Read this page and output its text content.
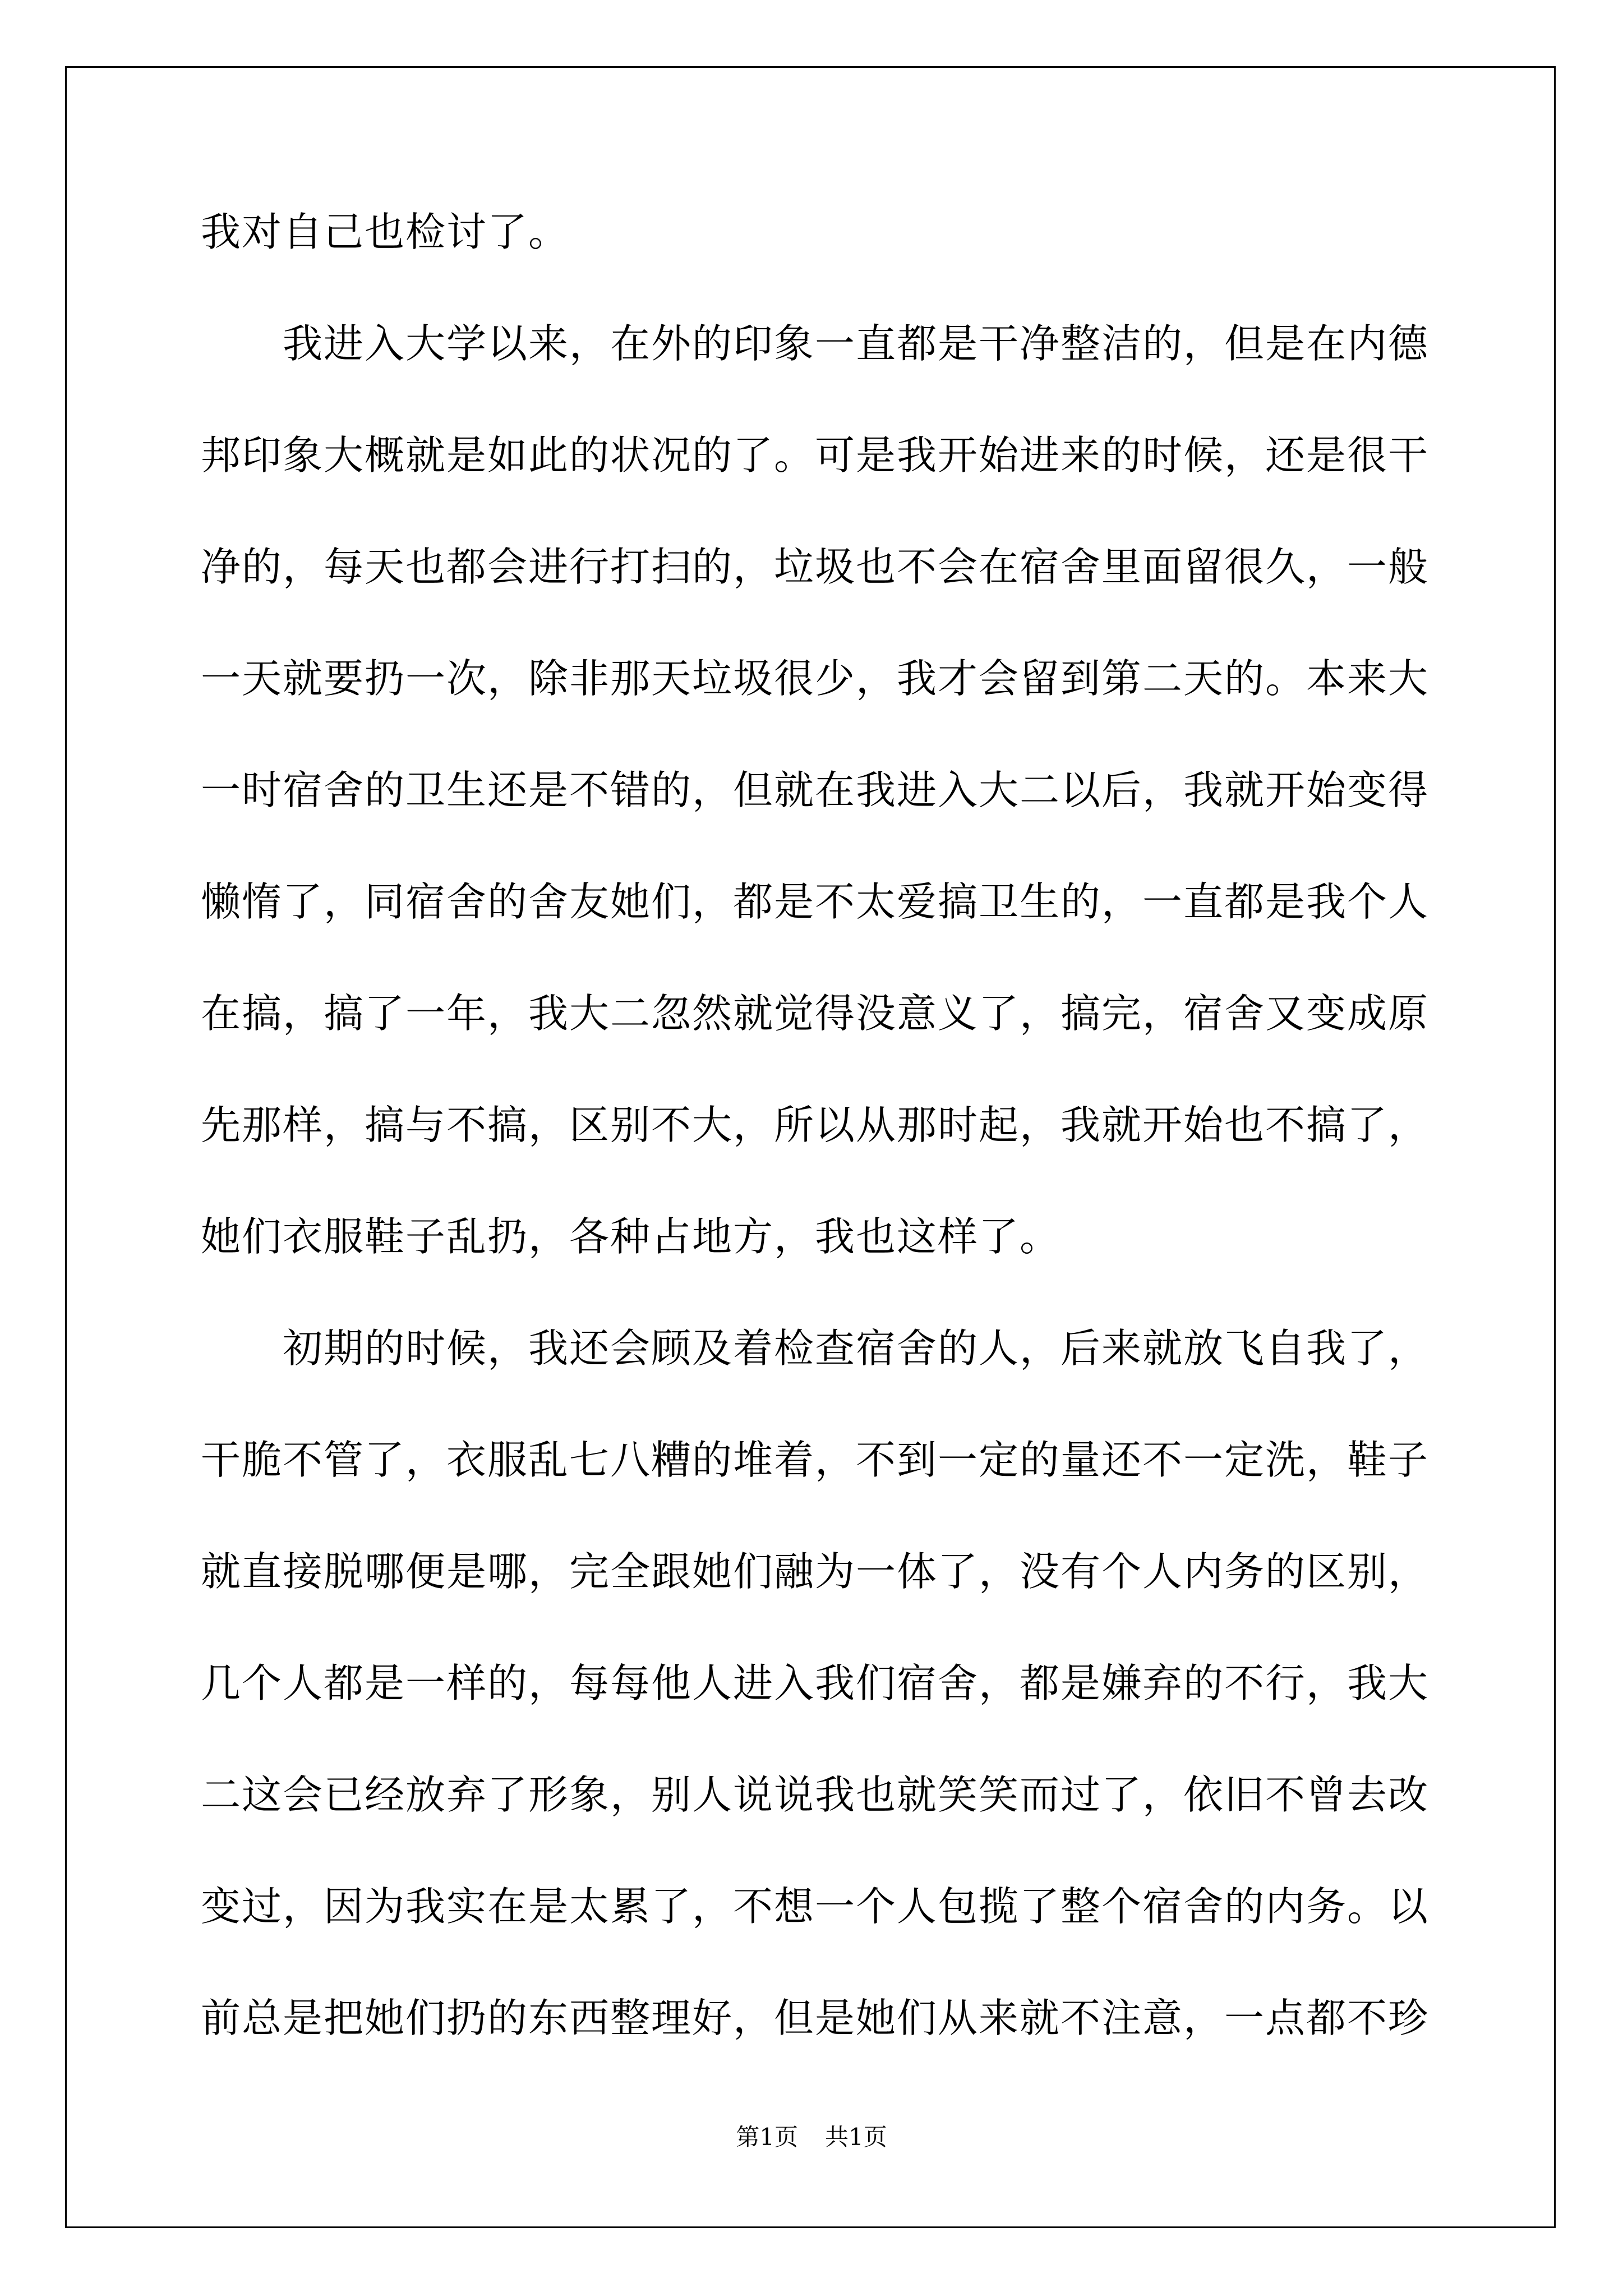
我对自己也检讨了。

我进入大学以来，在外的印象一直都是干净整洁的，但是在内德

邦印象大概就是如此的状况的了。可是我开始进来的时候，还是很干

净的，每天也都会进行打扫的，垃圾也不会在宿舍里面留很久，一般

一天就要扔一次，除非那天垃圾很少，我才会留到第二天的。本来大

一时宿舍的卫生还是不错的，但就在我进入大二以后，我就开始变得

懒惰了，同宿舍的舍友她们，都是不太爱搞卫生的，一直都是我个人

在搞，搞了一年，我大二忽然就觉得没意义了，搞完，宿舍又变成原

先那样，搞与不搞，区别不大，所以从那时起，我就开始也不搞了，

她们衣服鞋子乱扔，各种占地方，我也这样了。

初期的时候，我还会顾及着检查宿舍的人，后来就放飞自我了，

干脆不管了，衣服乱七八糟的堆着，不到一定的量还不一定洗，鞋子

就直接脱哪便是哪，完全跟她们融为一体了，没有个人内务的区别，

几个人都是一样的，每每他人进入我们宿舍，都是嫌弃的不行，我大

二这会已经放弃了形象，别人说说我也就笑笑而过了，依旧不曾去改

变过，因为我实在是太累了，不想一个人包揽了整个宿舍的内务。以

前总是把她们扔的东西整理好，但是她们从来就不注意，一点都不珍

第1页 共1页
